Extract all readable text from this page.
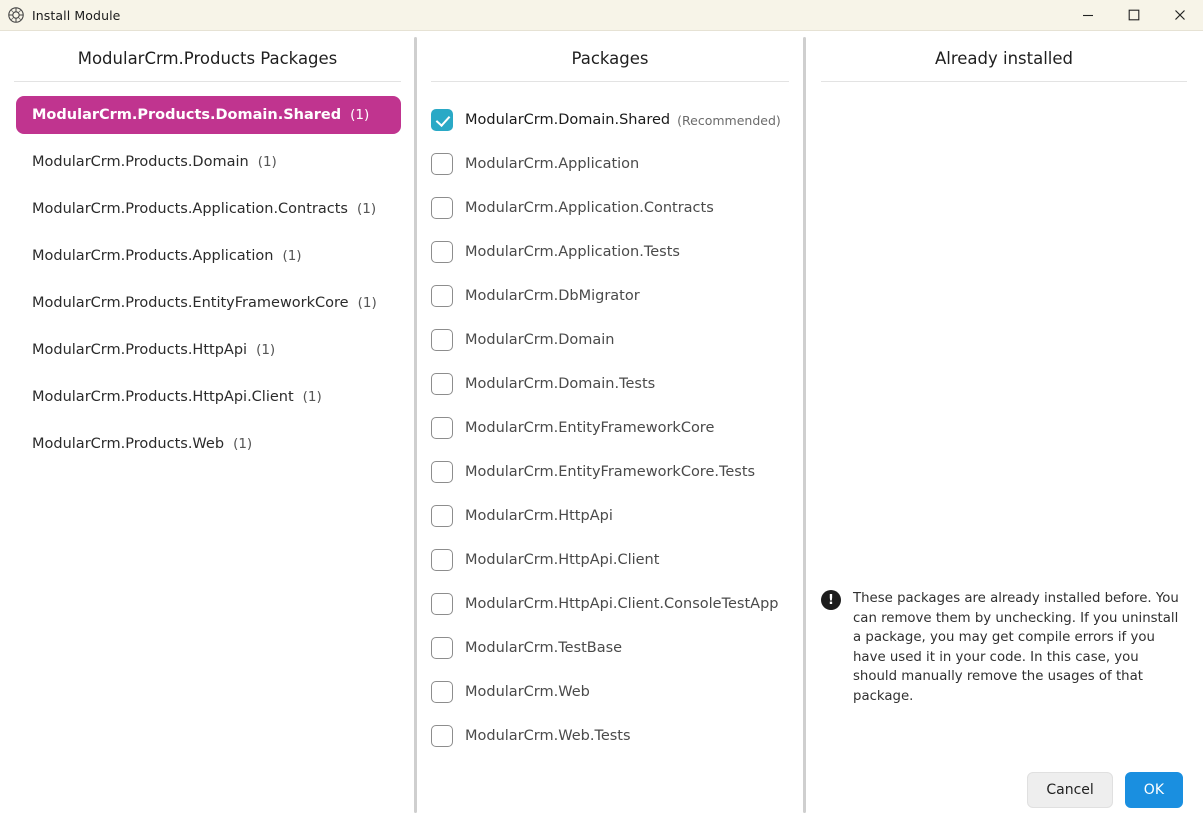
Install Module
ModularCrm.Products Packages
ModularCrm.Products.Domain.Shared (1)
ModularCrm.Products.Domain (1)
ModularCrm.Products.Application.Contracts (1)
ModularCrm.Products.Application (1)
ModularCrm.Products.EntityFrameworkCore (1)
ModularCrm.Products.HttpApi (1)
ModularCrm.Products.HttpApi.Client (1)
ModularCrm.Products.Web (1)
Packages
ModularCrm.Domain.Shared (Recommended)
ModularCrm.Application
ModularCrm.Application.Contracts
ModularCrm.Application.Tests
ModularCrm.DbMigrator
ModularCrm.Domain
ModularCrm.Domain.Tests
ModularCrm.EntityFrameworkCore
ModularCrm.EntityFrameworkCore.Tests
ModularCrm.HttpApi
ModularCrm.HttpApi.Client
ModularCrm.HttpApi.Client.ConsoleTestApp
ModularCrm.TestBase
ModularCrm.Web
ModularCrm.Web.Tests
Already installed
!	These packages are already installed before. You can remove them by unchecking. If you uninstall a package, you may get compile errors if you have used it in your code. In this case, you should manually remove the usages of that package.
Cancel	OK
